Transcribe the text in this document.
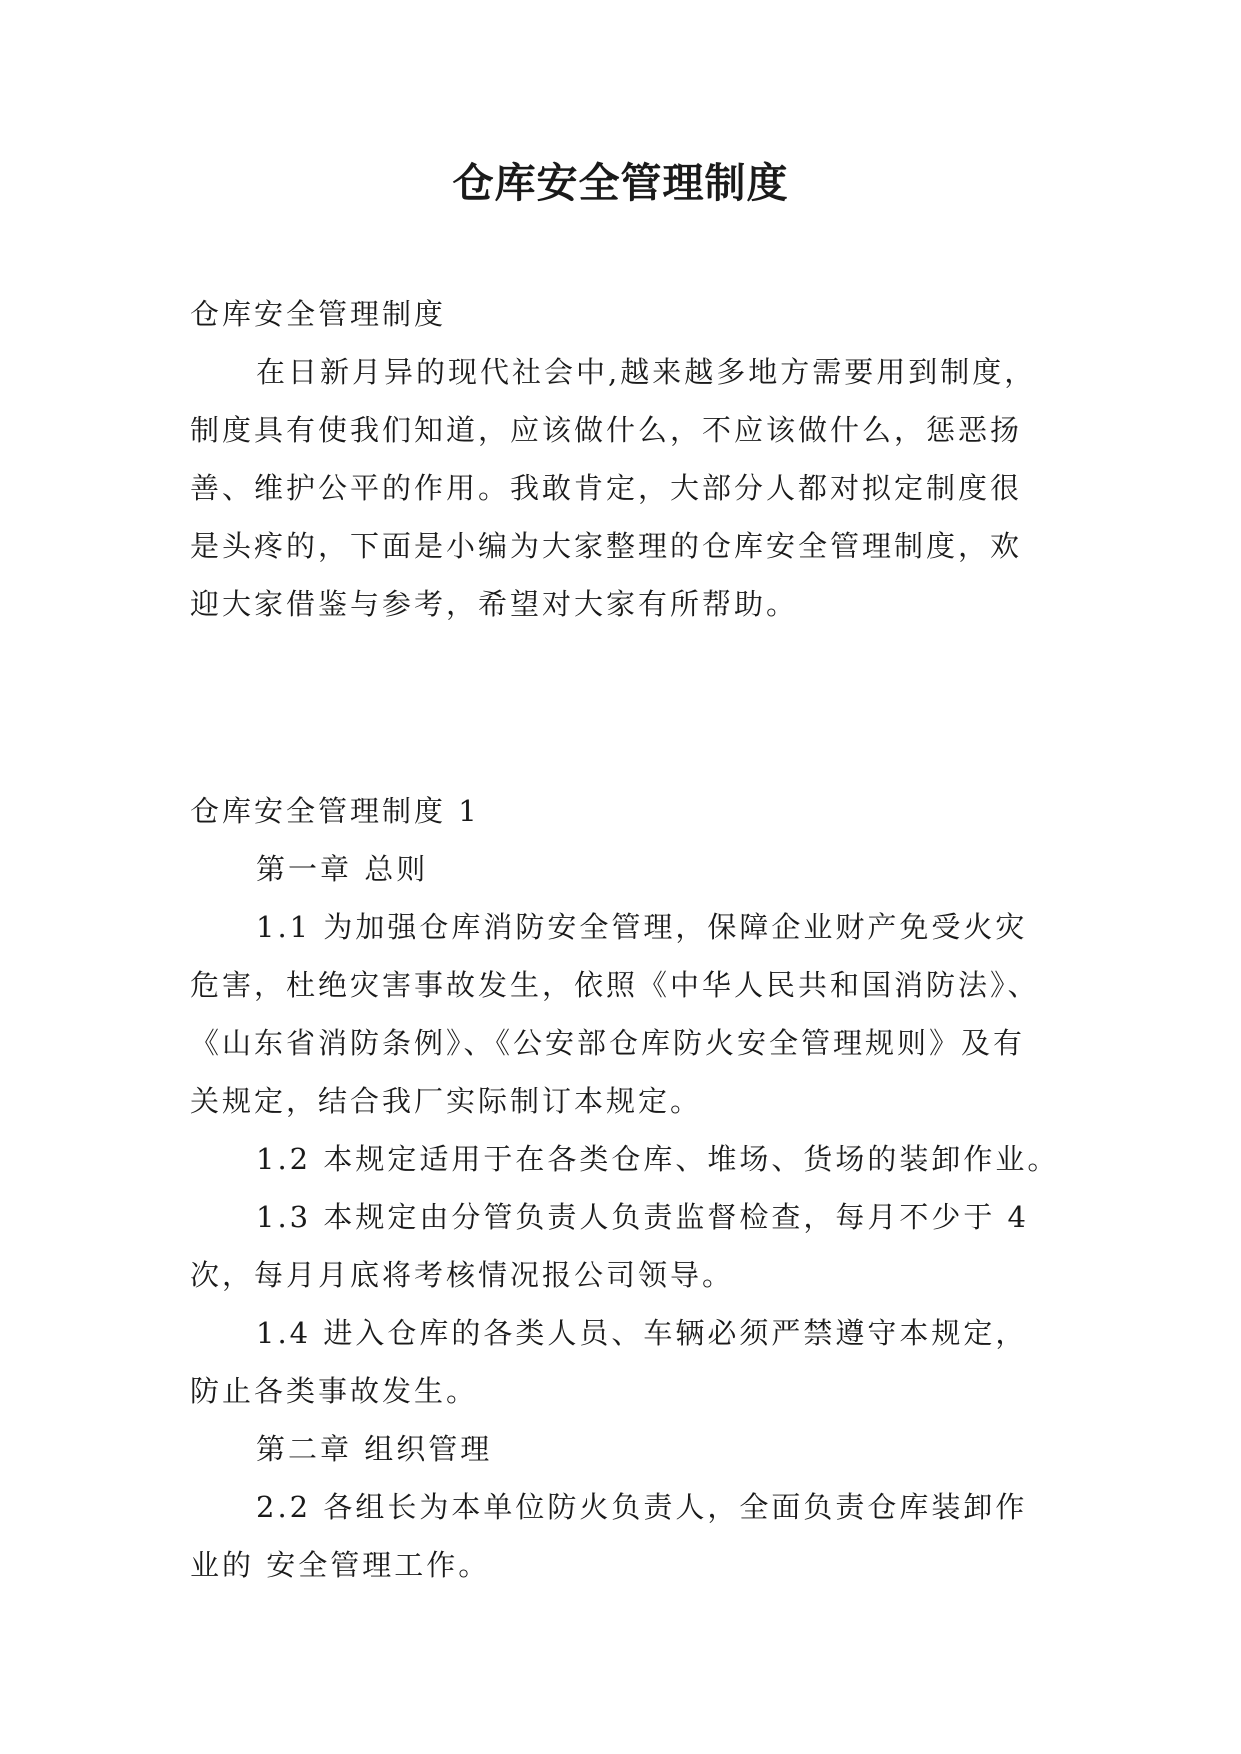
仓库安全管理制度

仓库安全管理制度

在日新月异的现代社会中,越来越多地方需要用到制度，

制度具有使我们知道，应该做什么，不应该做什么，惩恶扬

善、维护公平的作用。我敢肯定，大部分人都对拟定制度很

是头疼的，下面是小编为大家整理的仓库安全管理制度，欢

迎大家借鉴与参考，希望对大家有所帮助。

仓库安全管理制度 1

第一章 总则

1.1 为加强仓库消防安全管理，保障企业财产免受火灾

危害，杜绝灾害事故发生，依照《中华人民共和国消防法》、

《山东省消防条例》、《公安部仓库防火安全管理规则》及有

关规定，结合我厂实际制订本规定。

1.2 本规定适用于在各类仓库、堆场、货场的装卸作业。

1.3 本规定由分管负责人负责监督检查，每月不少于 4

次，每月月底将考核情况报公司领导。

1.4 进入仓库的各类人员、车辆必须严禁遵守本规定，

防止各类事故发生。

第二章 组织管理

2.2 各组长为本单位防火负责人，全面负责仓库装卸作

业的 安全管理工作。
